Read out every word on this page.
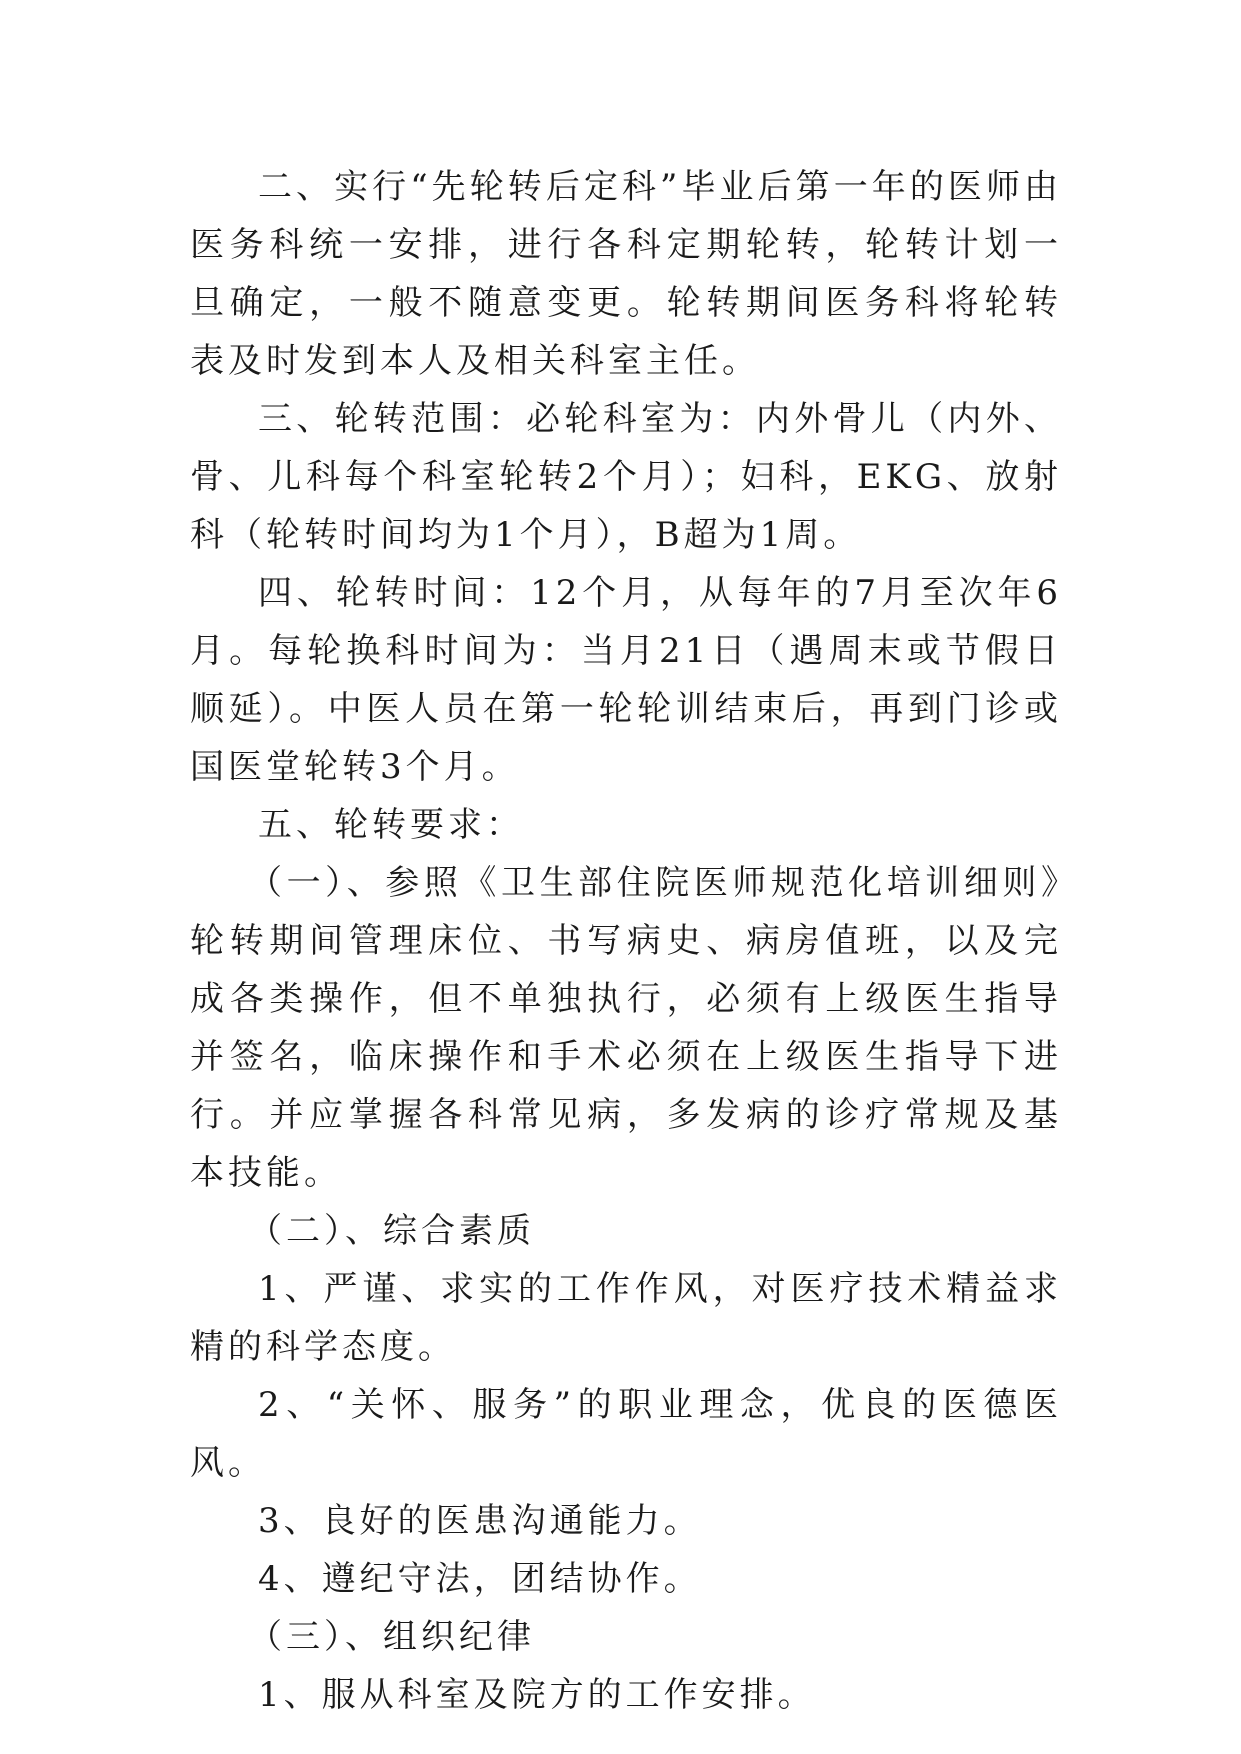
二、实行“先轮转后定科”毕业后第一年的医师由医务科统一安排，进行各科定期轮转，轮转计划一旦确定，一般不随意变更。轮转期间医务科将轮转表及时发到本人及相关科室主任。

三、轮转范围：必轮科室为：内外骨儿（内外、骨、儿科每个科室轮转2个月）；妇科，EKG、放射科（轮转时间均为1个月），B超为1周。

四、轮转时间：12个月，从每年的7月至次年6月。每轮换科时间为：当月21日（遇周末或节假日顺延）。中医人员在第一轮轮训结束后，再到门诊或国医堂轮转3个月。

五、轮转要求：

（一）、参照《卫生部住院医师规范化培训细则》轮转期间管理床位、书写病史、病房值班，以及完成各类操作，但不单独执行，必须有上级医生指导并签名，临床操作和手术必须在上级医生指导下进行。并应掌握各科常见病，多发病的诊疗常规及基本技能。

（二）、综合素质

1、严谨、求实的工作作风，对医疗技术精益求精的科学态度。

2、“关怀、服务”的职业理念，优良的医德医风。

3、良好的医患沟通能力。

4、遵纪守法，团结协作。

（三）、组织纪律

1、服从科室及院方的工作安排。
